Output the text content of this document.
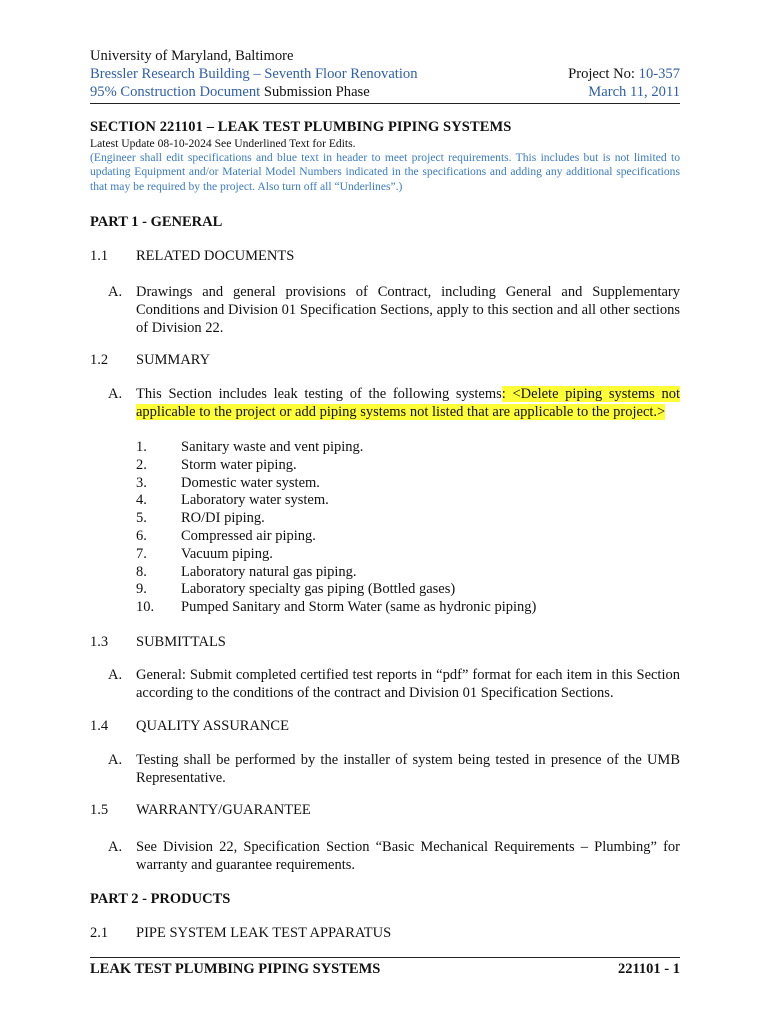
University of Maryland, Baltimore
Bressler Research Building – Seventh Floor Renovation
95% Construction Document Submission Phase
Project No: 10-357
March 11, 2011
SECTION 221101 – LEAK TEST PLUMBING PIPING SYSTEMS
Latest Update 08-10-2024 See Underlined Text for Edits.
(Engineer shall edit specifications and blue text in header to meet project requirements. This includes but is not limited to updating Equipment and/or Material Model Numbers indicated in the specifications and adding any additional specifications that may be required by the project. Also turn off all “Underlines”.)
PART 1 - GENERAL
1.1 RELATED DOCUMENTS
A. Drawings and general provisions of Contract, including General and Supplementary Conditions and Division 01 Specification Sections, apply to this section and all other sections of Division 22.
1.2 SUMMARY
A. This Section includes leak testing of the following systems: <Delete piping systems not applicable to the project or add piping systems not listed that are applicable to the project.>
1. Sanitary waste and vent piping.
2. Storm water piping.
3. Domestic water system.
4. Laboratory water system.
5. RO/DI piping.
6. Compressed air piping.
7. Vacuum piping.
8. Laboratory natural gas piping.
9. Laboratory specialty gas piping (Bottled gases)
10. Pumped Sanitary and Storm Water (same as hydronic piping)
1.3 SUBMITTALS
A. General: Submit completed certified test reports in “pdf” format for each item in this Section according to the conditions of the contract and Division 01 Specification Sections.
1.4 QUALITY ASSURANCE
A. Testing shall be performed by the installer of system being tested in presence of the UMB Representative.
1.5 WARRANTY/GUARANTEE
A. See Division 22, Specification Section “Basic Mechanical Requirements – Plumbing” for warranty and guarantee requirements.
PART 2 - PRODUCTS
2.1 PIPE SYSTEM LEAK TEST APPARATUS
LEAK TEST PLUMBING PIPING SYSTEMS	221101 - 1
